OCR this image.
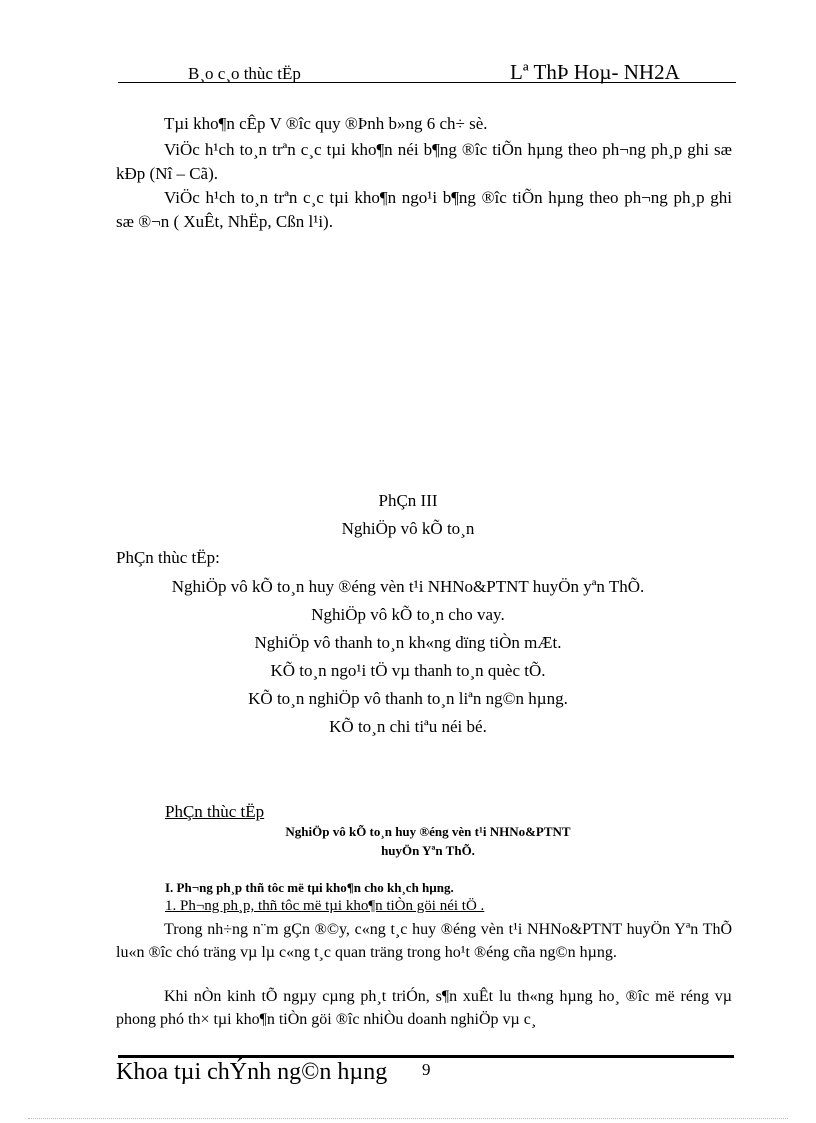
B¸o c¸o thùc tËp	Lª ThÞ Hoµ- NH2A

Tµi kho¶n cÊp V ®îc quy ®Þnh b»ng 6 ch÷ sè.

ViÖc h¹ch to¸n trªn c¸c tµi kho¶n néi b¶ng ®îc tiÕn hµng theo ph¬ng ph¸p ghi sæ kÐp (Nî – Cã).

ViÖc h¹ch to¸n trªn c¸c tµi kho¶n ngo¹i b¶ng ®îc tiÕn hµng theo ph¬ng ph¸p ghi sæ ®¬n ( XuÊt, NhËp, Cßn l¹i).

PhÇn III
NghiÖp vô kÕ to¸n
PhÇn thùc tËp:
NghiÖp vô kÕ to¸n huy ®éng vèn t¹i NHNo&PTNT huyÖn yªn ThÕ.
NghiÖp vô kÕ to¸n cho vay.
NghiÖp vô thanh to¸n kh«ng dïng tiÒn mÆt.
KÕ to¸n ngo¹i tÖ vµ thanh to¸n quèc tÕ.
KÕ to¸n nghiÖp vô thanh to¸n liªn ng©n hµng.
KÕ to¸n chi tiªu néi bé.
PhÇn thùc tËp
NghiÖp vô kÕ to¸n huy ®éng vèn t¹i NHNo&PTNT
huyÖn Yªn ThÕ.
I. Ph¬ng ph¸p thñ tôc më tµi kho¶n cho kh¸ch hµng.
1. Ph¬ng ph¸p, thñ tôc më tµi kho¶n tiÒn göi néi tÖ .

Trong nh÷ng n¨m gÇn ®©y, c«ng t¸c huy ®éng vèn t¹i NHNo&PTNT huyÖn Yªn ThÕ lu«n ®îc chó träng vµ lµ c«ng t¸c quan träng trong ho¹t ®éng cña ng©n hµng.

Khi nÒn kinh tÕ ngµy cµng ph¸t triÓn, s¶n xuÊt lu th«ng hµng ho¸ ®îc më réng vµ phong phó th× tµi kho¶n tiÒn göi ®îc nhiÒu doanh nghiÖp vµ c¸

Khoa tµi chÝnh ng©n hµng 9
